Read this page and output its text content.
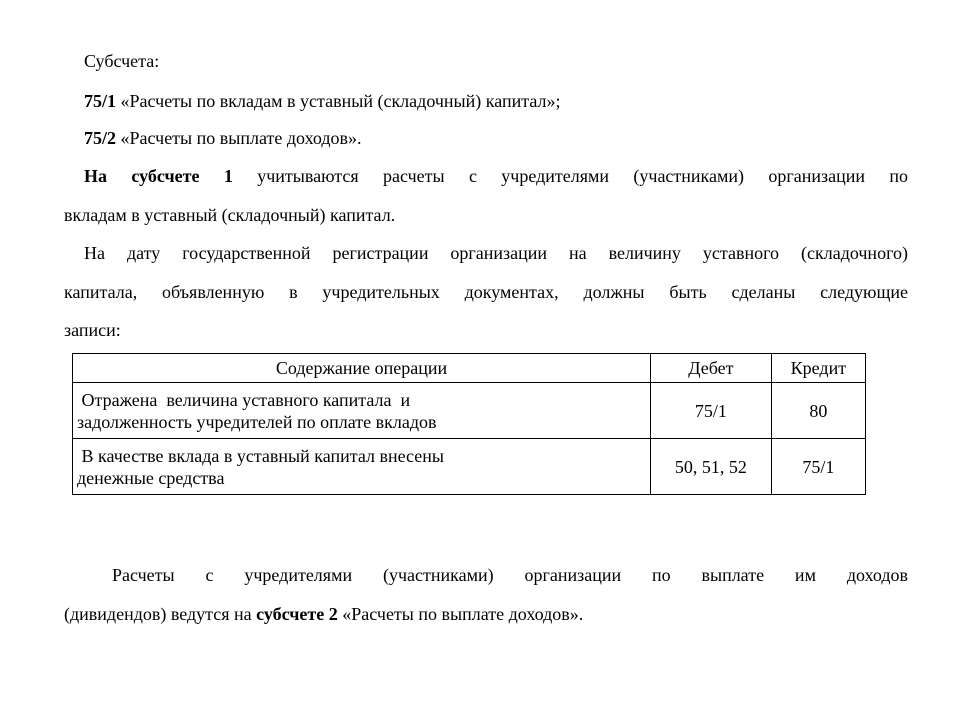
Субсчета:
75/1 «Расчеты по вкладам в уставный (складочный) капитал»;
75/2 «Расчеты по выплате доходов».
На субсчете 1 учитываются расчеты с учредителями (участниками) организации по
вкладам в уставный (складочный) капитал.
На дату государственной регистрации организации на величину уставного (складочного)
капитала, объявленную в учредительных документах, должны быть сделаны следующие
записи:
Содержание операции	Дебет	Кредит

Отражена  величина уставного капитала  и
задолженность учредителей по оплате вкладов	75/1	80

В качестве вклада в уставный капитал внесены
денежные средства	50, 51, 52	75/1
Расчеты с учредителями (участниками) организации по выплате им доходов
(дивидендов) ведутся на субсчете 2 «Расчеты по выплате доходов».
